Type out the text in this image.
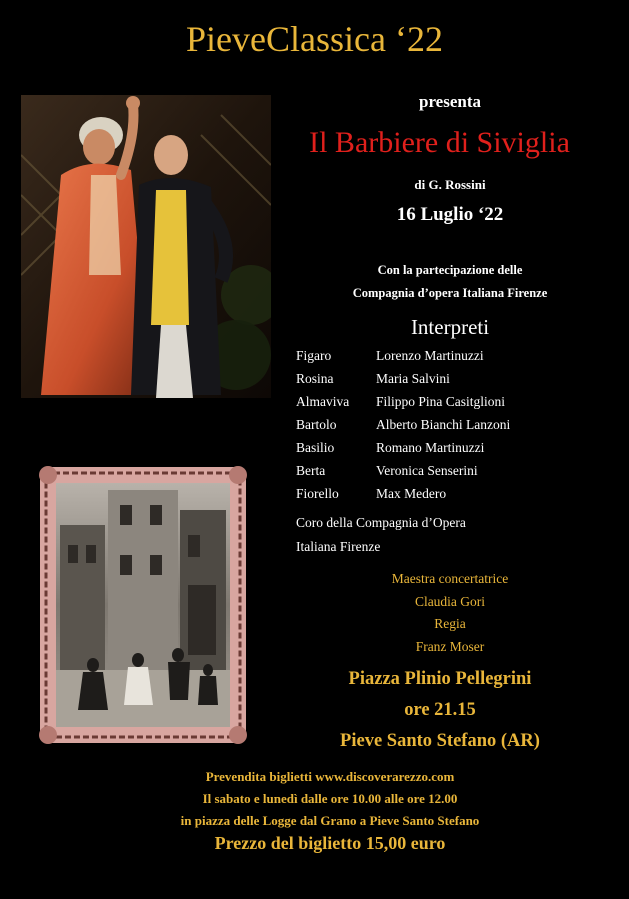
PieveClassica ‘22
presenta
Il Barbiere di Siviglia
di G. Rossini
16 Luglio ‘22
Con la partecipazione delle
Compagnia d’opera Italiana Firenze
Interpreti
Figaro	Lorenzo Martinuzzi
Rosina	Maria Salvini
Almaviva	Filippo Pina Casitglioni
Bartolo	Alberto Bianchi Lanzoni
Basilio	Romano Martinuzzi
Berta	Veronica Senserini
Fiorello	Max Medero
Coro della Compagnia d’Opera
Italiana Firenze
Maestra concertatrice
Claudia Gori
Regia
Franz Moser
Piazza Plinio Pellegrini
ore 21.15
Pieve Santo Stefano (AR)
Prevendita biglietti www.discoverarezzo.com
Il sabato e lunedì dalle ore 10.00 alle ore 12.00
in piazza delle Logge dal Grano a Pieve Santo Stefano
Prezzo del biglietto 15,00 euro
